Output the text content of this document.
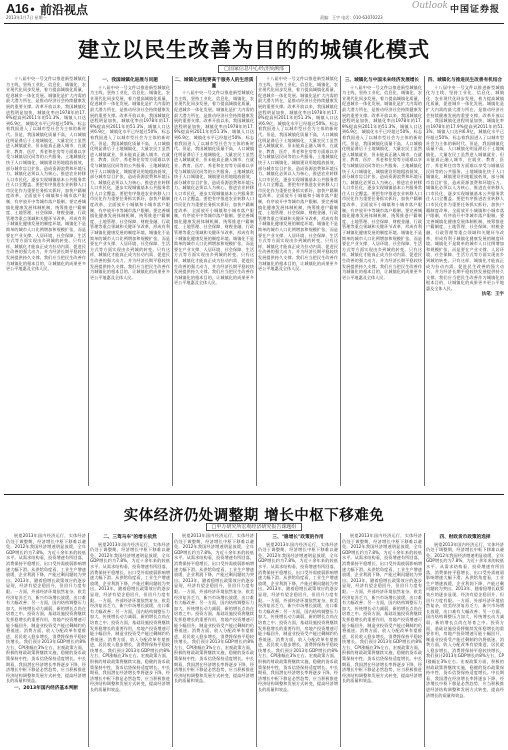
A16 • 前沿视点
2013年1月7日 星期一
Outlook 中国证券报
责编：王宇 电话：010-63070223
建立以民生改善为目的的城镇化模式
□国家信息中心经济预测部

十八届中央一号文件以推进新型城镇化为主线，坚持工业化、信息化、城镇化、农业现代化同步发展，着力提高城镇化质量，促进城乡一体化发展。城镇化是扩大内需的最大潜力所在，是推动经济社会持续健康发展的重要支撑。改革开放以来，我国城镇化进程明显加快，城镇化率由1978年的17.9%提高到2011年的51.3%，城镇人口达到6.9亿，城镇化水平已经超过50%，标志着我国进入了以城市型社会为主体的新时代。但是，我国城镇化质量不高，人口城镇化明显滞后于土地城镇化，大量农民工虽然进入城镇就业，但未能真正融入城市，在就业、教育、医疗、养老和住房等方面难以享受与城镇居民同等的公共服务。土地城镇化快于人口城镇化，城镇建设用地粗放低效，部分城市盲目扩张，造成资源浪费和环境压力。城镇化必须以人为核心，推进农业转移人口市民化，逐步实现城镇基本公共服务常住人口全覆盖。要把有序推进农业转移人口市民化作为重要任务抓实抓好，加快户籍制度改革，全面放开小城镇和小城市落户限制，有序放开中等城市落户限制。要完善城镇化健康发展体制机制，统筹推进户籍制度、土地管理、社会保障、财税金融、行政管理等重点领域和关键环节改革，形成有利于城镇化健康发展的制度环境。城镇化不是简单的城市人口比例增加和规模扩张，而是要在产业支撑、人居环境、社会保障、生活方式等方面实现由乡到城的转变。只有这样，城镇化才能真正成为拉动内需、促进民生改善的强大动力，并为经济长期平稳较快发展提供持久支撑。我们应当把民生改善作为城镇化的根本目的，让城镇化的成果更多更公平地惠及全体人民。

一、我国城镇化进展与问题

十八届中央一号文件以推进新型城镇化为主线，坚持工业化、信息化、城镇化、农业现代化同步发展，着力提高城镇化质量，促进城乡一体化发展。城镇化是扩大内需的最大潜力所在，是推动经济社会持续健康发展的重要支撑。改革开放以来，我国城镇化进程明显加快，城镇化率由1978年的17.9%提高到2011年的51.3%，城镇人口达到6.9亿，城镇化水平已经超过50%，标志着我国进入了以城市型社会为主体的新时代。但是，我国城镇化质量不高，人口城镇化明显滞后于土地城镇化，大量农民工虽然进入城镇就业，但未能真正融入城市，在就业、教育、医疗、养老和住房等方面难以享受与城镇居民同等的公共服务。土地城镇化快于人口城镇化，城镇建设用地粗放低效，部分城市盲目扩张，造成资源浪费和环境压力。城镇化必须以人为核心，推进农业转移人口市民化，逐步实现城镇基本公共服务常住人口全覆盖。要把有序推进农业转移人口市民化作为重要任务抓实抓好，加快户籍制度改革，全面放开小城镇和小城市落户限制，有序放开中等城市落户限制。要完善城镇化健康发展体制机制，统筹推进户籍制度、土地管理、社会保障、财税金融、行政管理等重点领域和关键环节改革，形成有利于城镇化健康发展的制度环境。城镇化不是简单的城市人口比例增加和规模扩张，而是要在产业支撑、人居环境、社会保障、生活方式等方面实现由乡到城的转变。只有这样，城镇化才能真正成为拉动内需、促进民生改善的强大动力，并为经济长期平稳较快发展提供持久支撑。我们应当把民生改善作为城镇化的根本目的，让城镇化的成果更多更公平地惠及全体人民。

二、城镇化进程要高于服务人的生活质量

十八届中央一号文件以推进新型城镇化为主线，坚持工业化、信息化、城镇化、农业现代化同步发展，着力提高城镇化质量，促进城乡一体化发展。城镇化是扩大内需的最大潜力所在，是推动经济社会持续健康发展的重要支撑。改革开放以来，我国城镇化进程明显加快，城镇化率由1978年的17.9%提高到2011年的51.3%，城镇人口达到6.9亿，城镇化水平已经超过50%，标志着我国进入了以城市型社会为主体的新时代。但是，我国城镇化质量不高，人口城镇化明显滞后于土地城镇化，大量农民工虽然进入城镇就业，但未能真正融入城市，在就业、教育、医疗、养老和住房等方面难以享受与城镇居民同等的公共服务。土地城镇化快于人口城镇化，城镇建设用地粗放低效，部分城市盲目扩张，造成资源浪费和环境压力。城镇化必须以人为核心，推进农业转移人口市民化，逐步实现城镇基本公共服务常住人口全覆盖。要把有序推进农业转移人口市民化作为重要任务抓实抓好，加快户籍制度改革，全面放开小城镇和小城市落户限制，有序放开中等城市落户限制。要完善城镇化健康发展体制机制，统筹推进户籍制度、土地管理、社会保障、财税金融、行政管理等重点领域和关键环节改革，形成有利于城镇化健康发展的制度环境。城镇化不是简单的城市人口比例增加和规模扩张，而是要在产业支撑、人居环境、社会保障、生活方式等方面实现由乡到城的转变。只有这样，城镇化才能真正成为拉动内需、促进民生改善的强大动力，并为经济长期平稳较快发展提供持久支撑。我们应当把民生改善作为城镇化的根本目的，让城镇化的成果更多更公平地惠及全体人民。

十八届中央一号文件以推进新型城镇化为主线，坚持工业化、信息化、城镇化、农业现代化同步发展，着力提高城镇化质量，促进城乡一体化发展。城镇化是扩大内需的最大潜力所在，是推动经济社会持续健康发展的重要支撑。改革开放以来，我国城镇化进程明显加快，城镇化率由1978年的17.9%提高到2011年的51.3%，城镇人口达到6.9亿，城镇化水平已经超过50%，标志着我国进入了以城市型社会为主体的新时代。但是，我国城镇化质量不高，人口城镇化明显滞后于土地城镇化，大量农民工虽然进入城镇就业，但未能真正融入城市，在就业、教育、医疗、养老和住房等方面难以享受与城镇居民同等的公共服务。土地城镇化快于人口城镇化，城镇建设用地粗放低效，部分城市盲目扩张，造成资源浪费和环境压力。城镇化必须以人为核心，推进农业转移人口市民化，逐步实现城镇基本公共服务常住人口全覆盖。要把有序推进农业转移人口市民化作为重要任务抓实抓好，加快户籍制度改革，全面放开小城镇和小城市落户限制，有序放开中等城市落户限制。要完善城镇化健康发展体制机制，统筹推进户籍制度、土地管理、社会保障、财税金融、行政管理等重点领域和关键环节改革，形成有利于城镇化健康发展的制度环境。城镇化不是简单的城市人口比例增加和规模扩张，而是要在产业支撑、人居环境、社会保障、生活方式等方面实现由乡到城的转变。只有这样，城镇化才能真正成为拉动内需、促进民生改善的强大动力，并为经济长期平稳较快发展提供持久支撑。我们应当把民生改善作为城镇化的根本目的，让城镇化的成果更多更公平地惠及全体人民。

三、城镇化与中国未来经济发展增长

十八届中央一号文件以推进新型城镇化为主线，坚持工业化、信息化、城镇化、农业现代化同步发展，着力提高城镇化质量，促进城乡一体化发展。城镇化是扩大内需的最大潜力所在，是推动经济社会持续健康发展的重要支撑。改革开放以来，我国城镇化进程明显加快，城镇化率由1978年的17.9%提高到2011年的51.3%，城镇人口达到6.9亿，城镇化水平已经超过50%，标志着我国进入了以城市型社会为主体的新时代。但是，我国城镇化质量不高，人口城镇化明显滞后于土地城镇化，大量农民工虽然进入城镇就业，但未能真正融入城市，在就业、教育、医疗、养老和住房等方面难以享受与城镇居民同等的公共服务。土地城镇化快于人口城镇化，城镇建设用地粗放低效，部分城市盲目扩张，造成资源浪费和环境压力。城镇化必须以人为核心，推进农业转移人口市民化，逐步实现城镇基本公共服务常住人口全覆盖。要把有序推进农业转移人口市民化作为重要任务抓实抓好，加快户籍制度改革，全面放开小城镇和小城市落户限制，有序放开中等城市落户限制。要完善城镇化健康发展体制机制，统筹推进户籍制度、土地管理、社会保障、财税金融、行政管理等重点领域和关键环节改革，形成有利于城镇化健康发展的制度环境。城镇化不是简单的城市人口比例增加和规模扩张，而是要在产业支撑、人居环境、社会保障、生活方式等方面实现由乡到城的转变。只有这样，城镇化才能真正成为拉动内需、促进民生改善的强大动力，并为经济长期平稳较快发展提供持久支撑。我们应当把民生改善作为城镇化的根本目的，让城镇化的成果更多更公平地惠及全体人民。

四、城镇化与推进民生改善有机结合

十八届中央一号文件以推进新型城镇化为主线，坚持工业化、信息化、城镇化、农业现代化同步发展，着力提高城镇化质量，促进城乡一体化发展。城镇化是扩大内需的最大潜力所在，是推动经济社会持续健康发展的重要支撑。改革开放以来，我国城镇化进程明显加快，城镇化率由1978年的17.9%提高到2011年的51.3%，城镇人口达到6.9亿，城镇化水平已经超过50%，标志着我国进入了以城市型社会为主体的新时代。但是，我国城镇化质量不高，人口城镇化明显滞后于土地城镇化，大量农民工虽然进入城镇就业，但未能真正融入城市，在就业、教育、医疗、养老和住房等方面难以享受与城镇居民同等的公共服务。土地城镇化快于人口城镇化，城镇建设用地粗放低效，部分城市盲目扩张，造成资源浪费和环境压力。城镇化必须以人为核心，推进农业转移人口市民化，逐步实现城镇基本公共服务常住人口全覆盖。要把有序推进农业转移人口市民化作为重要任务抓实抓好，加快户籍制度改革，全面放开小城镇和小城市落户限制，有序放开中等城市落户限制。要完善城镇化健康发展体制机制，统筹推进户籍制度、土地管理、社会保障、财税金融、行政管理等重点领域和关键环节改革，形成有利于城镇化健康发展的制度环境。城镇化不是简单的城市人口比例增加和规模扩张，而是要在产业支撑、人居环境、社会保障、生活方式等方面实现由乡到城的转变。只有这样，城镇化才能真正成为拉动内需、促进民生改善的强大动力，并为经济长期平稳较快发展提供持久支撑。我们应当把民生改善作为城镇化的根本目的，让城镇化的成果更多更公平地惠及全体人民。

执笔：王宇

实体经济仍处调整期 增长中枢下移难免
□申万研究所宏观经济研究报告课题组

展望2013年国内经济运行，实体经济仍处于调整期，经济增长中枢下移难以避免。2012年我国经济增速明显放缓，全年GDP增长约为7.8%，为近十余年来的较低水平。从需求结构看，投资增速有所回落，消费保持平稳增长，出口受外需疲弱影响增速大幅下滑。从供给角度看，工业生产增速放缓，企业利润下降，产能过剩问题较为突出。2013年，随着稳增长政策效应的逐步显现，经济有望企稳回升，但回升力度有限。一方面，外部经济环境依然复杂，欧美经济复苏乏力，新兴市场增长放缓，出口难有大幅改善；另一方面，国内结构调整压力加大，传统增长动力减弱，新的增长点尚在培育之中。投资方面，基础设施投资将继续发挥稳增长的重要作用，房地产投资增速可能小幅回升，制造业投资受产能过剩制约仍将低迷。消费方面，收入分配改革有望推进，居民收入稳步增长，消费将保持平稳较快增长。我们预计2013年GDP增长约8%左右，CPI涨幅在3%左右。宏观政策方面，积极的财政政策将继续实施，稳健的货币政策保持中性，货币信贷保持适度增长。中长期看，我国潜在经济增长率将逐步下降，经济增长中枢下移是必然趋势，应当积极推进经济结构调整和发展方式转变，提高经济增长的质量和效益。

一、2013年国内经济基本判断
二、三驾马车"的增长依然

展望2013年国内经济运行，实体经济仍处于调整期，经济增长中枢下移难以避免。2012年我国经济增速明显放缓，全年GDP增长约为7.8%，为近十余年来的较低水平。从需求结构看，投资增速有所回落，消费保持平稳增长，出口受外需疲弱影响增速大幅下滑。从供给角度看，工业生产增速放缓，企业利润下降，产能过剩问题较为突出。2013年，随着稳增长政策效应的逐步显现，经济有望企稳回升，但回升力度有限。一方面，外部经济环境依然复杂，欧美经济复苏乏力，新兴市场增长放缓，出口难有大幅改善；另一方面，国内结构调整压力加大，传统增长动力减弱，新的增长点尚在培育之中。投资方面，基础设施投资将继续发挥稳增长的重要作用，房地产投资增速可能小幅回升，制造业投资受产能过剩制约仍将低迷。消费方面，收入分配改革有望推进，居民收入稳步增长，消费将保持平稳较快增长。我们预计2013年GDP增长约8%左右，CPI涨幅在3%左右。宏观政策方面，积极的财政政策将继续实施，稳健的货币政策保持中性，货币信贷保持适度增长。中长期看，我国潜在经济增长率将逐步下降，经济增长中枢下移是必然趋势，应当积极推进经济结构调整和发展方式转变，提高经济增长的质量和效益。

展望2013年国内经济运行，实体经济仍处于调整期，经济增长中枢下移难以避免。2012年我国经济增速明显放缓，全年GDP增长约为7.8%，为近十余年来的较低水平。从需求结构看，投资增速有所回落，消费保持平稳增长，出口受外需疲弱影响增速大幅下滑。从供给角度看，工业生产增速放缓，企业利润下降，产能过剩问题较为突出。2013年，随着稳增长政策效应的逐步显现，经济有望企稳回升，但回升力度有限。一方面，外部经济环境依然复杂，欧美经济复苏乏力，新兴市场增长放缓，出口难有大幅改善；另一方面，国内结构调整压力加大，传统增长动力减弱，新的增长点尚在培育之中。投资方面，基础设施投资将继续发挥稳增长的重要作用，房地产投资增速可能小幅回升，制造业投资受产能过剩制约仍将低迷。消费方面，收入分配改革有望推进，居民收入稳步增长，消费将保持平稳较快增长。我们预计2013年GDP增长约8%左右，CPI涨幅在3%左右。宏观政策方面，积极的财政政策将继续实施，稳健的货币政策保持中性，货币信贷保持适度增长。中长期看，我国潜在经济增长率将逐步下降，经济增长中枢下移是必然趋势，应当积极推进经济结构调整和发展方式转变，提高经济增长的质量和效益。

三、"稳增长"政策的作用

展望2013年国内经济运行，实体经济仍处于调整期，经济增长中枢下移难以避免。2012年我国经济增速明显放缓，全年GDP增长约为7.8%，为近十余年来的较低水平。从需求结构看，投资增速有所回落，消费保持平稳增长，出口受外需疲弱影响增速大幅下滑。从供给角度看，工业生产增速放缓，企业利润下降，产能过剩问题较为突出。2013年，随着稳增长政策效应的逐步显现，经济有望企稳回升，但回升力度有限。一方面，外部经济环境依然复杂，欧美经济复苏乏力，新兴市场增长放缓，出口难有大幅改善；另一方面，国内结构调整压力加大，传统增长动力减弱，新的增长点尚在培育之中。投资方面，基础设施投资将继续发挥稳增长的重要作用，房地产投资增速可能小幅回升，制造业投资受产能过剩制约仍将低迷。消费方面，收入分配改革有望推进，居民收入稳步增长，消费将保持平稳较快增长。我们预计2013年GDP增长约8%左右，CPI涨幅在3%左右。宏观政策方面，积极的财政政策将继续实施，稳健的货币政策保持中性，货币信贷保持适度增长。中长期看，我国潜在经济增长率将逐步下降，经济增长中枢下移是必然趋势，应当积极推进经济结构调整和发展方式转变，提高经济增长的质量和效益。

展望2013年国内经济运行，实体经济仍处于调整期，经济增长中枢下移难以避免。2012年我国经济增速明显放缓，全年GDP增长约为7.8%，为近十余年来的较低水平。从需求结构看，投资增速有所回落，消费保持平稳增长，出口受外需疲弱影响增速大幅下滑。从供给角度看，工业生产增速放缓，企业利润下降，产能过剩问题较为突出。2013年，随着稳增长政策效应的逐步显现，经济有望企稳回升，但回升力度有限。一方面，外部经济环境依然复杂，欧美经济复苏乏力，新兴市场增长放缓，出口难有大幅改善；另一方面，国内结构调整压力加大，传统增长动力减弱，新的增长点尚在培育之中。投资方面，基础设施投资将继续发挥稳增长的重要作用，房地产投资增速可能小幅回升，制造业投资受产能过剩制约仍将低迷。消费方面，收入分配改革有望推进，居民收入稳步增长，消费将保持平稳较快增长。我们预计2013年GDP增长约8%左右，CPI涨幅在3%左右。宏观政策方面，积极的财政政策将继续实施，稳健的货币政策保持中性，货币信贷保持适度增长。中长期看，我国潜在经济增长率将逐步下降，经济增长中枢下移是必然趋势，应当积极推进经济结构调整和发展方式转变，提高经济增长的质量和效益。

四、财政货币政策的选择

展望2013年国内经济运行，实体经济仍处于调整期，经济增长中枢下移难以避免。2012年我国经济增速明显放缓，全年GDP增长约为7.8%，为近十余年来的较低水平。从需求结构看，投资增速有所回落，消费保持平稳增长，出口受外需疲弱影响增速大幅下滑。从供给角度看，工业生产增速放缓，企业利润下降，产能过剩问题较为突出。2013年，随着稳增长政策效应的逐步显现，经济有望企稳回升，但回升力度有限。一方面，外部经济环境依然复杂，欧美经济复苏乏力，新兴市场增长放缓，出口难有大幅改善；另一方面，国内结构调整压力加大，传统增长动力减弱，新的增长点尚在培育之中。投资方面，基础设施投资将继续发挥稳增长的重要作用，房地产投资增速可能小幅回升，制造业投资受产能过剩制约仍将低迷。消费方面，收入分配改革有望推进，居民收入稳步增长，消费将保持平稳较快增长。我们预计2013年GDP增长约8%左右，CPI涨幅在3%左右。宏观政策方面，积极的财政政策将继续实施，稳健的货币政策保持中性，货币信贷保持适度增长。中长期看，我国潜在经济增长率将逐步下降，经济增长中枢下移是必然趋势，应当积极推进经济结构调整和发展方式转变，提高经济增长的质量和效益。
